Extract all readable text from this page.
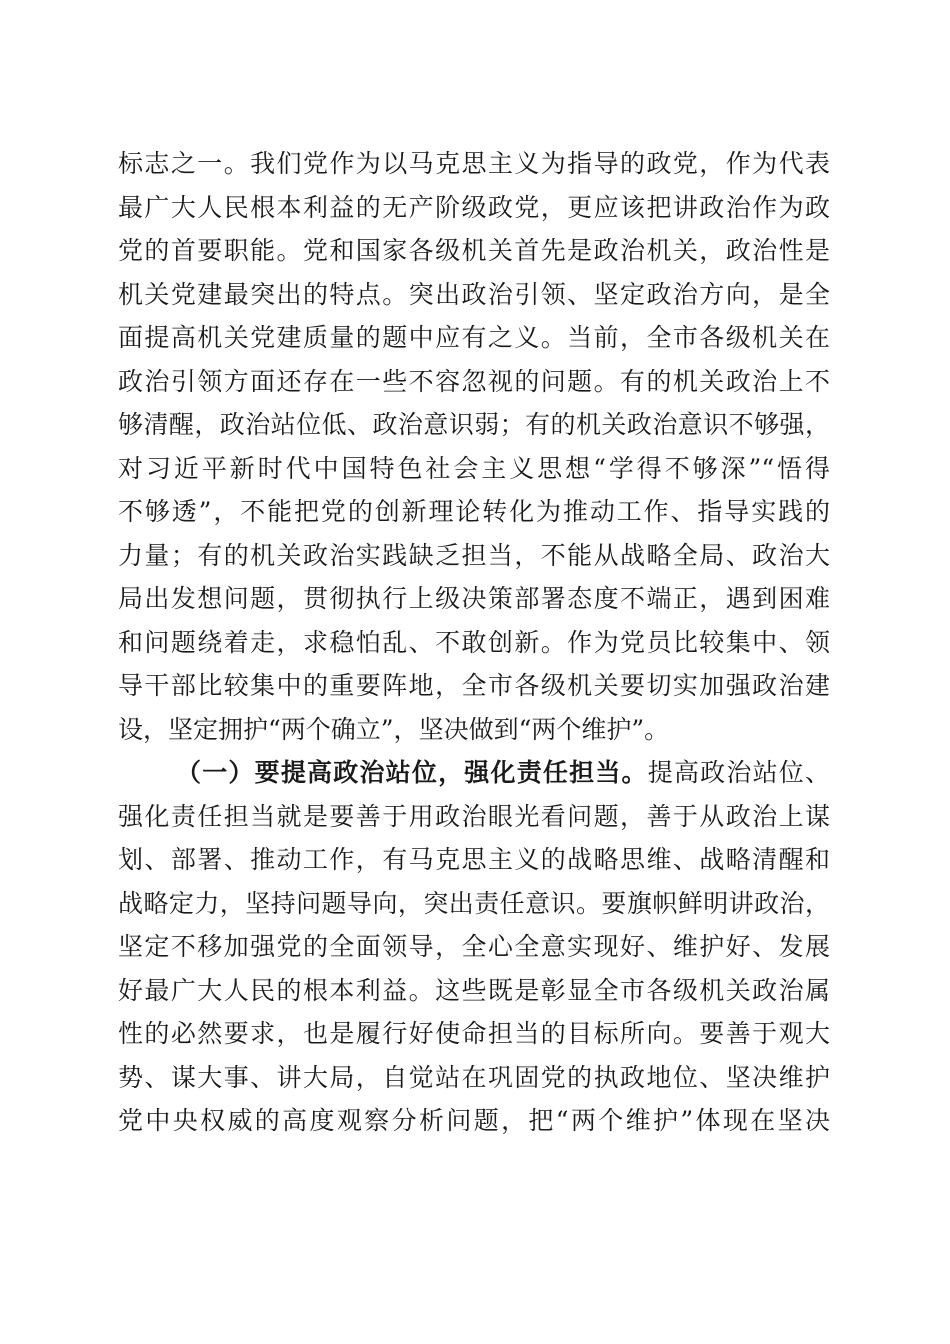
标志之一。我们党作为以马克思主义为指导的政党，作为代表
最广大人民根本利益的无产阶级政党，更应该把讲政治作为政
党的首要职能。党和国家各级机关首先是政治机关，政治性是
机关党建最突出的特点。突出政治引领、坚定政治方向，是全
面提高机关党建质量的题中应有之义。当前，全市各级机关在
政治引领方面还存在一些不容忽视的问题。有的机关政治上不
够清醒，政治站位低、政治意识弱；有的机关政治意识不够强，
对习近平新时代中国特色社会主义思想“学得不够深”“悟得
不够透”，不能把党的创新理论转化为推动工作、指导实践的
力量；有的机关政治实践缺乏担当，不能从战略全局、政治大
局出发想问题，贯彻执行上级决策部署态度不端正，遇到困难
和问题绕着走，求稳怕乱、不敢创新。作为党员比较集中、领
导干部比较集中的重要阵地，全市各级机关要切实加强政治建
设，坚定拥护“两个确立”，坚决做到“两个维护”。
（一）要提高政治站位，强化责任担当。提高政治站位、
强化责任担当就是要善于用政治眼光看问题，善于从政治上谋
划、部署、推动工作，有马克思主义的战略思维、战略清醒和
战略定力，坚持问题导向，突出责任意识。要旗帜鲜明讲政治，
坚定不移加强党的全面领导，全心全意实现好、维护好、发展
好最广大人民的根本利益。这些既是彰显全市各级机关政治属
性的必然要求，也是履行好使命担当的目标所向。要善于观大
势、谋大事、讲大局，自觉站在巩固党的执政地位、坚决维护
党中央权威的高度观察分析问题，把“两个维护”体现在坚决
